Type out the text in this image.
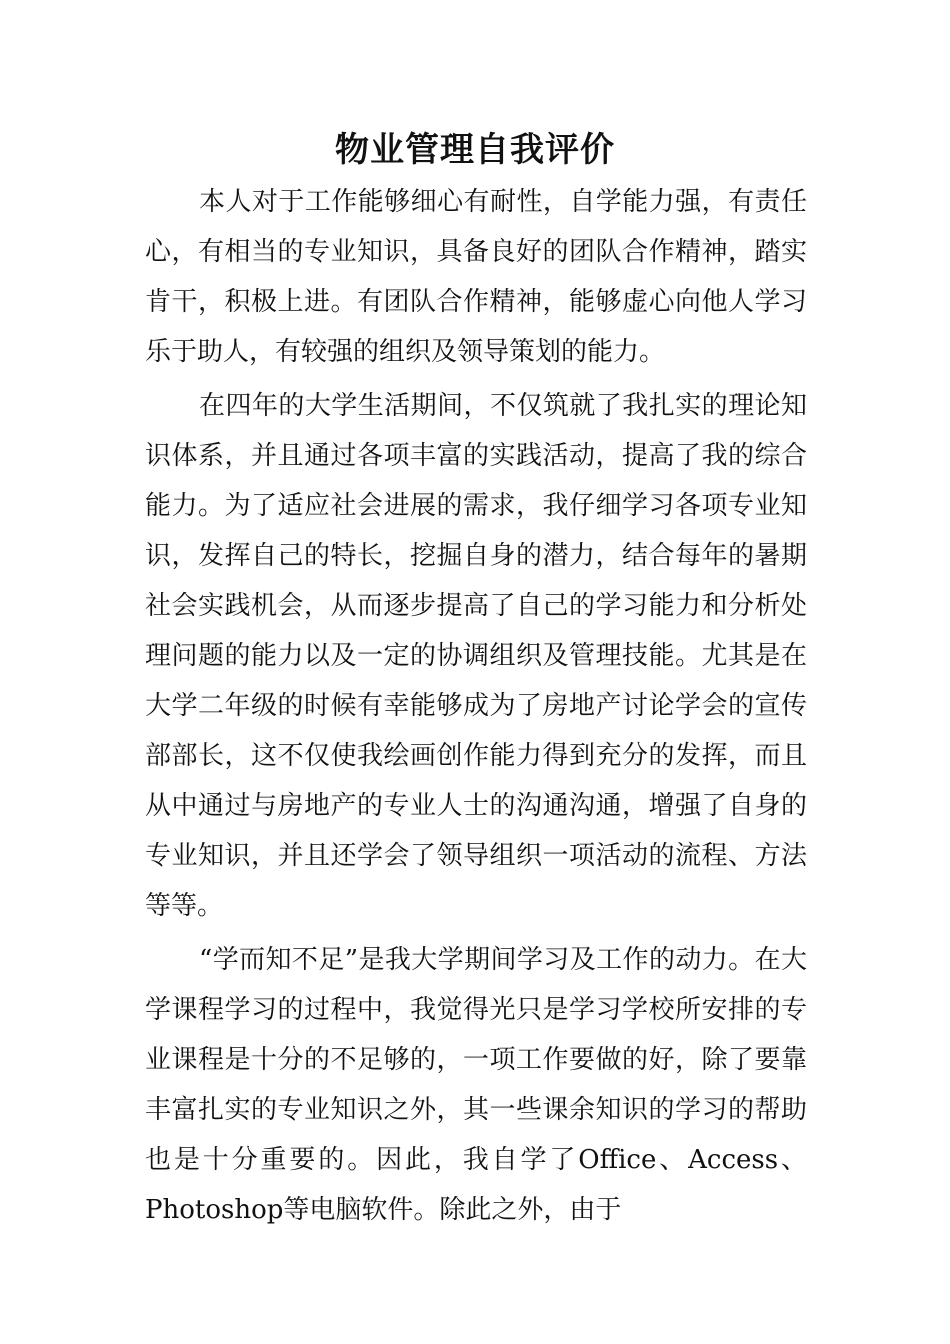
物业管理自我评价

本人对于工作能够细心有耐性，自学能力强，有责任心，有相当的专业知识，具备良好的团队合作精神，踏实肯干，积极上进。有团队合作精神，能够虚心向他人学习乐于助人，有较强的组织及领导策划的能力。

在四年的大学生活期间，不仅筑就了我扎实的理论知识体系，并且通过各项丰富的实践活动，提高了我的综合能力。为了适应社会进展的需求，我仔细学习各项专业知识，发挥自己的特长，挖掘自身的潜力，结合每年的暑期社会实践机会，从而逐步提高了自己的学习能力和分析处理问题的能力以及一定的协调组织及管理技能。尤其是在大学二年级的时候有幸能够成为了房地产讨论学会的宣传部部长，这不仅使我绘画创作能力得到充分的发挥，而且从中通过与房地产的专业人士的沟通沟通，增强了自身的专业知识，并且还学会了领导组织一项活动的流程、方法等等。

“学而知不足”是我大学期间学习及工作的动力。在大学课程学习的过程中，我觉得光只是学习学校所安排的专业课程是十分的不足够的，一项工作要做的好，除了要靠丰富扎实的专业知识之外，其一些课余知识的学习的帮助也是十分重要的。因此，我自学了Office、Access、Photoshop等电脑软件。除此之外，由于
